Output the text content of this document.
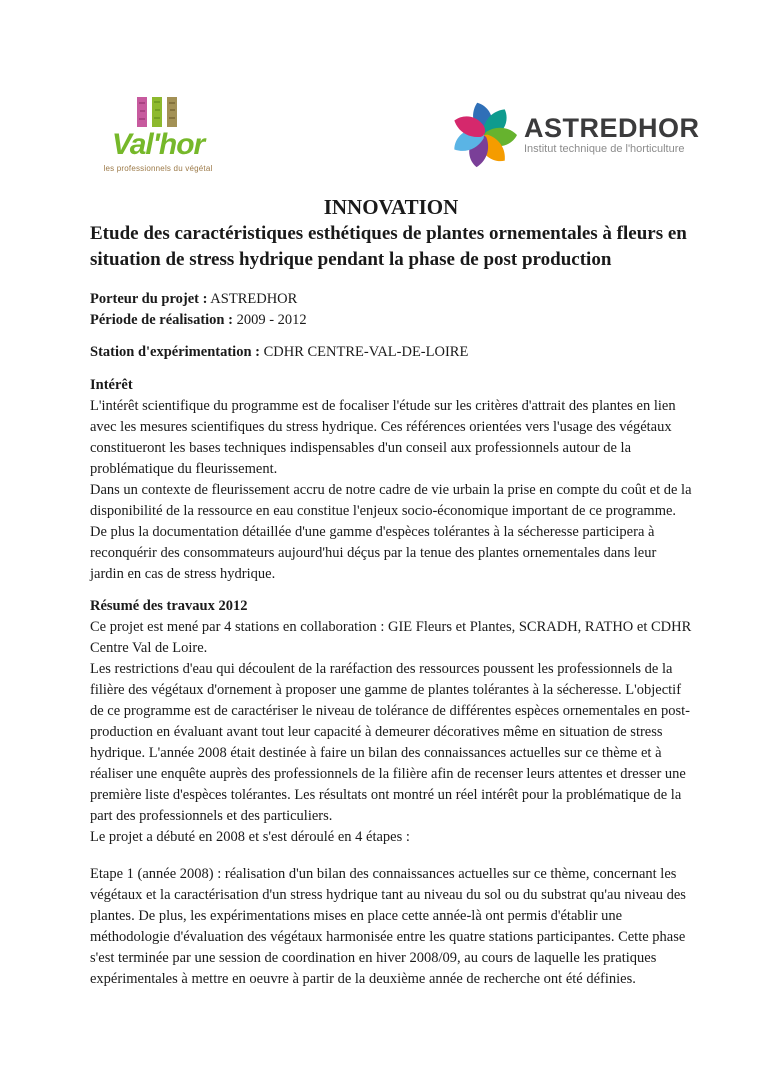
Val'hor
les professionnels du végétal
ASTREDHOR
Institut technique de l'horticulture
INNOVATION
Etude des caractéristiques esthétiques de plantes ornementales à fleurs en situation de stress hydrique pendant la phase de post production

Porteur du projet : ASTREDHOR

Période de réalisation : 2009 - 2012

Station d'expérimentation : CDHR CENTRE-VAL-DE-LOIRE

Intérêt

L'intérêt scientifique du programme est de focaliser l'étude sur les critères d'attrait des plantes en lien avec les mesures scientifiques du stress hydrique. Ces références orientées vers l'usage des végétaux constitueront les bases techniques indispensables d'un conseil aux professionnels autour de la problématique du fleurissement.

Dans un contexte de fleurissement accru de notre cadre de vie urbain la prise en compte du coût et de la disponibilité de la ressource en eau constitue l'enjeux socio-économique important de ce programme. De plus la documentation détaillée d'une gamme d'espèces tolérantes à la sécheresse participera à reconquérir des consommateurs aujourd'hui déçus par la tenue des plantes ornementales dans leur jardin en cas de stress hydrique.

Résumé des travaux 2012

Ce projet est mené par 4 stations en collaboration : GIE Fleurs et Plantes, SCRADH, RATHO et CDHR Centre Val de Loire.

Les restrictions d'eau qui découlent de la raréfaction des ressources poussent les professionnels de la filière des végétaux d'ornement à proposer une gamme de plantes tolérantes à la sécheresse. L'objectif de ce programme est de caractériser le niveau de tolérance de différentes espèces ornementales en post-production en évaluant avant tout leur capacité à demeurer décoratives même en situation de stress hydrique. L'année 2008 était destinée à faire un bilan des connaissances actuelles sur ce thème et à réaliser une enquête auprès des professionnels de la filière afin de recenser leurs attentes et dresser une première liste d'espèces tolérantes. Les résultats ont montré un réel intérêt pour la problématique de la part des professionnels et des particuliers.

Le projet a débuté en 2008 et s'est déroulé en 4 étapes :

Etape 1 (année 2008) : réalisation d'un bilan des connaissances actuelles sur ce thème, concernant les végétaux et la caractérisation d'un stress hydrique tant au niveau du sol ou du substrat qu'au niveau des plantes. De plus, les expérimentations mises en place cette année-là ont permis d'établir une méthodologie d'évaluation des végétaux harmonisée entre les quatre stations participantes. Cette phase s'est terminée par une session de coordination en hiver 2008/09, au cours de laquelle les pratiques expérimentales à mettre en oeuvre à partir de la deuxième année de recherche ont été définies.
